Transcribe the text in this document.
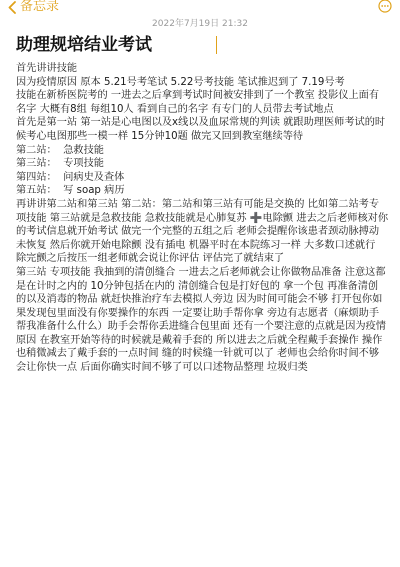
备忘录
2022年7月19日 21:32
助理规培结业考试

首先讲讲技能

因为疫情原因 原本 5.21号考笔试 5.22号考技能 笔试推迟到了 7.19号考

技能在新桥医院考的 一进去之后拿到考试时间被安排到了一个教室 投影仪上面有名字 大概有8组 每组10人 看到自己的名字 有专门的人员带去考试地点

首先是第一站 第一站是心电图以及x线以及血尿常规的判读 就跟助理医师考试的时候考心电图那些一模一样 15分钟10题 做完又回到教室继续等待

第二站：  急救技能

第三站：  专项技能

第四站：  问病史及查体

第五站：  写 soap 病历

再讲讲第二站和第三站 第二站：第二站和第三站有可能是交换的 比如第二站考专项技能 第三站就是急救技能 急救技能就是心肺复苏 ➕电除颤 进去之后老师核对你的考试信息就开始考试 做完一个完整的五组之后 老师会提醒你该患者颈动脉搏动未恢复 然后你就开始电除颤 没有插电 机器平时在本院练习一样 大多数口述就行 除完颤之后按压一组老师就会说让你评估 评估完了就结束了

第三站 专项技能 我抽到的清创缝合 一进去之后老师就会让你做物品准备 注意这都是在计时之内的 10分钟包括在内的 清创缝合包是打好包的 拿一个包 再准备清创的以及消毒的物品 就赶快推治疗车去模拟人旁边 因为时间可能会不够 打开包你如果发现包里面没有你要操作的东西 一定要让助手帮你拿 旁边有志愿者（麻烦助手帮我准备什么什么）助手会帮你丢进缝合包里面 还有一个要注意的点就是因为疫情原因 在教室开始等待的时候就是戴着手套的 所以进去之后就全程戴手套操作 操作也稍微减去了戴手套的一点时间 缝的时候缝一针就可以了 老师也会给你时间不够 会让你快一点 后面你确实时间不够了可以口述物品整理 垃圾归类
